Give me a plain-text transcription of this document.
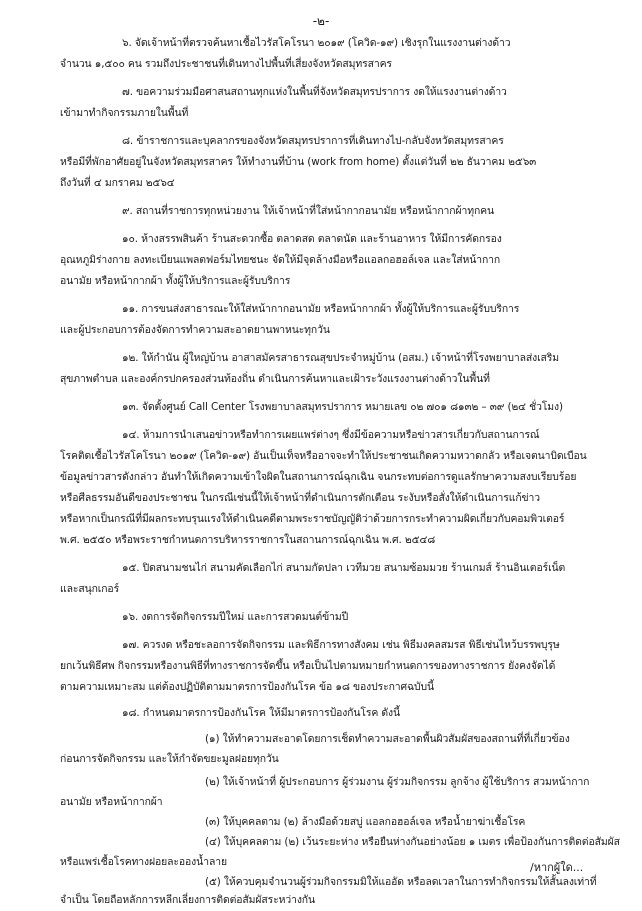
-๒-
๖. จัดเจ้าหน้าที่ตรวจค้นหาเชื้อไวรัสโคโรนา ๒๐๑๙ (โควิด-๑๙) เชิงรุกในแรงงานต่างด้าว
จำนวน ๑,๕๐๐ คน รวมถึงประชาชนที่เดินทางไปพื้นที่เสี่ยงจังหวัดสมุทรสาคร
๗. ขอความร่วมมือศาสนสถานทุกแห่งในพื้นที่จังหวัดสมุทรปราการ งดให้แรงงานต่างด้าว
เข้ามาทำกิจกรรมภายในพื้นที่
๘. ข้าราชการและบุคลากรของจังหวัดสมุทรปราการที่เดินทางไป-กลับจังหวัดสมุทรสาคร
หรือมีที่พักอาศัยอยู่ในจังหวัดสมุทรสาคร ให้ทำงานที่บ้าน (work from home) ตั้งแต่วันที่ ๒๒ ธันวาคม ๒๕๖๓
ถึงวันที่ ๔ มกราคม ๒๕๖๔
๙. สถานที่ราชการทุกหน่วยงาน ให้เจ้าหน้าที่ใส่หน้ากากอนามัย หรือหน้ากากผ้าทุกคน
๑๐. ห้างสรรพสินค้า ร้านสะดวกซื้อ ตลาดสด ตลาดนัด และร้านอาหาร ให้มีการคัดกรอง
อุณหภูมิร่างกาย ลงทะเบียนแพลตฟอร์มไทยชนะ จัดให้มีจุดล้างมือหรือแอลกอฮอล์เจล และใส่หน้ากาก
อนามัย หรือหน้ากากผ้า ทั้งผู้ให้บริการและผู้รับบริการ
๑๑. การขนส่งสาธารณะให้ใส่หน้ากากอนามัย หรือหน้ากากผ้า ทั้งผู้ให้บริการและผู้รับบริการ
และผู้ประกอบการต้องจัดการทำความสะอาดยานพาหนะทุกวัน
๑๒. ให้กำนัน ผู้ใหญ่บ้าน อาสาสมัครสาธารณสุขประจำหมู่บ้าน (อสม.) เจ้าหน้าที่โรงพยาบาลส่งเสริม
สุขภาพตำบล และองค์กรปกครองส่วนท้องถิ่น ดำเนินการค้นหาและเฝ้าระวังแรงงานต่างด้าวในพื้นที่
๑๓. จัดตั้งศูนย์ Call Center โรงพยาบาลสมุทรปราการ หมายเลข ๐๒ ๗๐๑ ๘๑๓๒ – ๓๙ (๒๔ ชั่วโมง)
๑๔. ห้ามการนำเสนอข่าวหรือทำการเผยแพร่ต่างๆ ซึ่งมีข้อความหรือข่าวสารเกี่ยวกับสถานการณ์
โรคติดเชื้อไวรัสโคโรนา ๒๐๑๙ (โควิด-๑๙) อันเป็นเท็จหรืออาจจะทำให้ประชาชนเกิดความหวาดกลัว หรือเจตนาบิดเบือน
ข้อมูลข่าวสารดังกล่าว อันทำให้เกิดความเข้าใจผิดในสถานการณ์ฉุกเฉิน จนกระทบต่อการดูแลรักษาความสงบเรียบร้อย
หรือศีลธรรมอันดีของประชาชน ในกรณีเช่นนี้ให้เจ้าหน้าที่ดำเนินการตักเตือน ระงับหรือสั่งให้ดำเนินการแก้ข่าว
หรือหากเป็นกรณีที่มีผลกระทบรุนแรงให้ดำเนินคดีตามพระราชบัญญัติว่าด้วยการกระทำความผิดเกี่ยวกับคอมพิวเตอร์
พ.ศ. ๒๕๕๐ หรือพระราชกำหนดการบริหารราชการในสถานการณ์ฉุกเฉิน พ.ศ. ๒๕๔๘
๑๕. ปิดสนามชนไก่ สนามคัดเลือกไก่ สนามกัดปลา เวทีมวย สนามซ้อมมวย ร้านเกมส์ ร้านอินเตอร์เน็ต
และสนุกเกอร์
๑๖. งดการจัดกิจกรรมปีใหม่ และการสวดมนต์ข้ามปี
๑๗. ควรงด หรือชะลอการจัดกิจกรรม และพิธีการทางสังคม เช่น พิธีมงคลสมรส พิธีเช่นไหว้บรรพบุรุษ
ยกเว้นพิธีศพ กิจกรรมหรืองานพิธีที่ทางราชการจัดขึ้น หรือเป็นไปตามหมายกำหนดการของทางราชการ ยังคงจัดได้
ตามความเหมาะสม แต่ต้องปฏิบัติตามมาตรการป้องกันโรค ข้อ ๑๘ ของประกาศฉบับนี้
๑๘. กำหนดมาตรการป้องกันโรค ให้มีมาตรการป้องกันโรค ดังนี้
(๑) ให้ทำความสะอาดโดยการเช็ดทำความสะอาดพื้นผิวสัมผัสของสถานที่ที่เกี่ยวข้อง
ก่อนการจัดกิจกรรม และให้กำจัดขยะมูลฝอยทุกวัน
(๒) ให้เจ้าหน้าที่ ผู้ประกอบการ ผู้ร่วมงาน ผู้ร่วมกิจกรรม ลูกจ้าง ผู้ใช้บริการ สวมหน้ากาก
อนามัย หรือหน้ากากผ้า
(๓) ให้บุคคลตาม (๒) ล้างมือด้วยสบู่ แอลกอฮอล์เจล หรือน้ำยาฆ่าเชื้อโรค
(๔) ให้บุคคลตาม (๒) เว้นระยะห่าง หรือยืนห่างกันอย่างน้อย ๑ เมตร เพื่อป้องกันการติดต่อสัมผัส
หรือแพร่เชื้อโรคทางฝอยละอองน้ำลาย
(๕) ให้ควบคุมจำนวนผู้ร่วมกิจกรรมมิให้แออัด หรือลดเวลาในการทำกิจกรรมให้สั้นลงเท่าที่
จำเป็น โดยถือหลักการหลีกเลี่ยงการติดต่อสัมผัสระหว่างกัน
/หากผู้ใด...
